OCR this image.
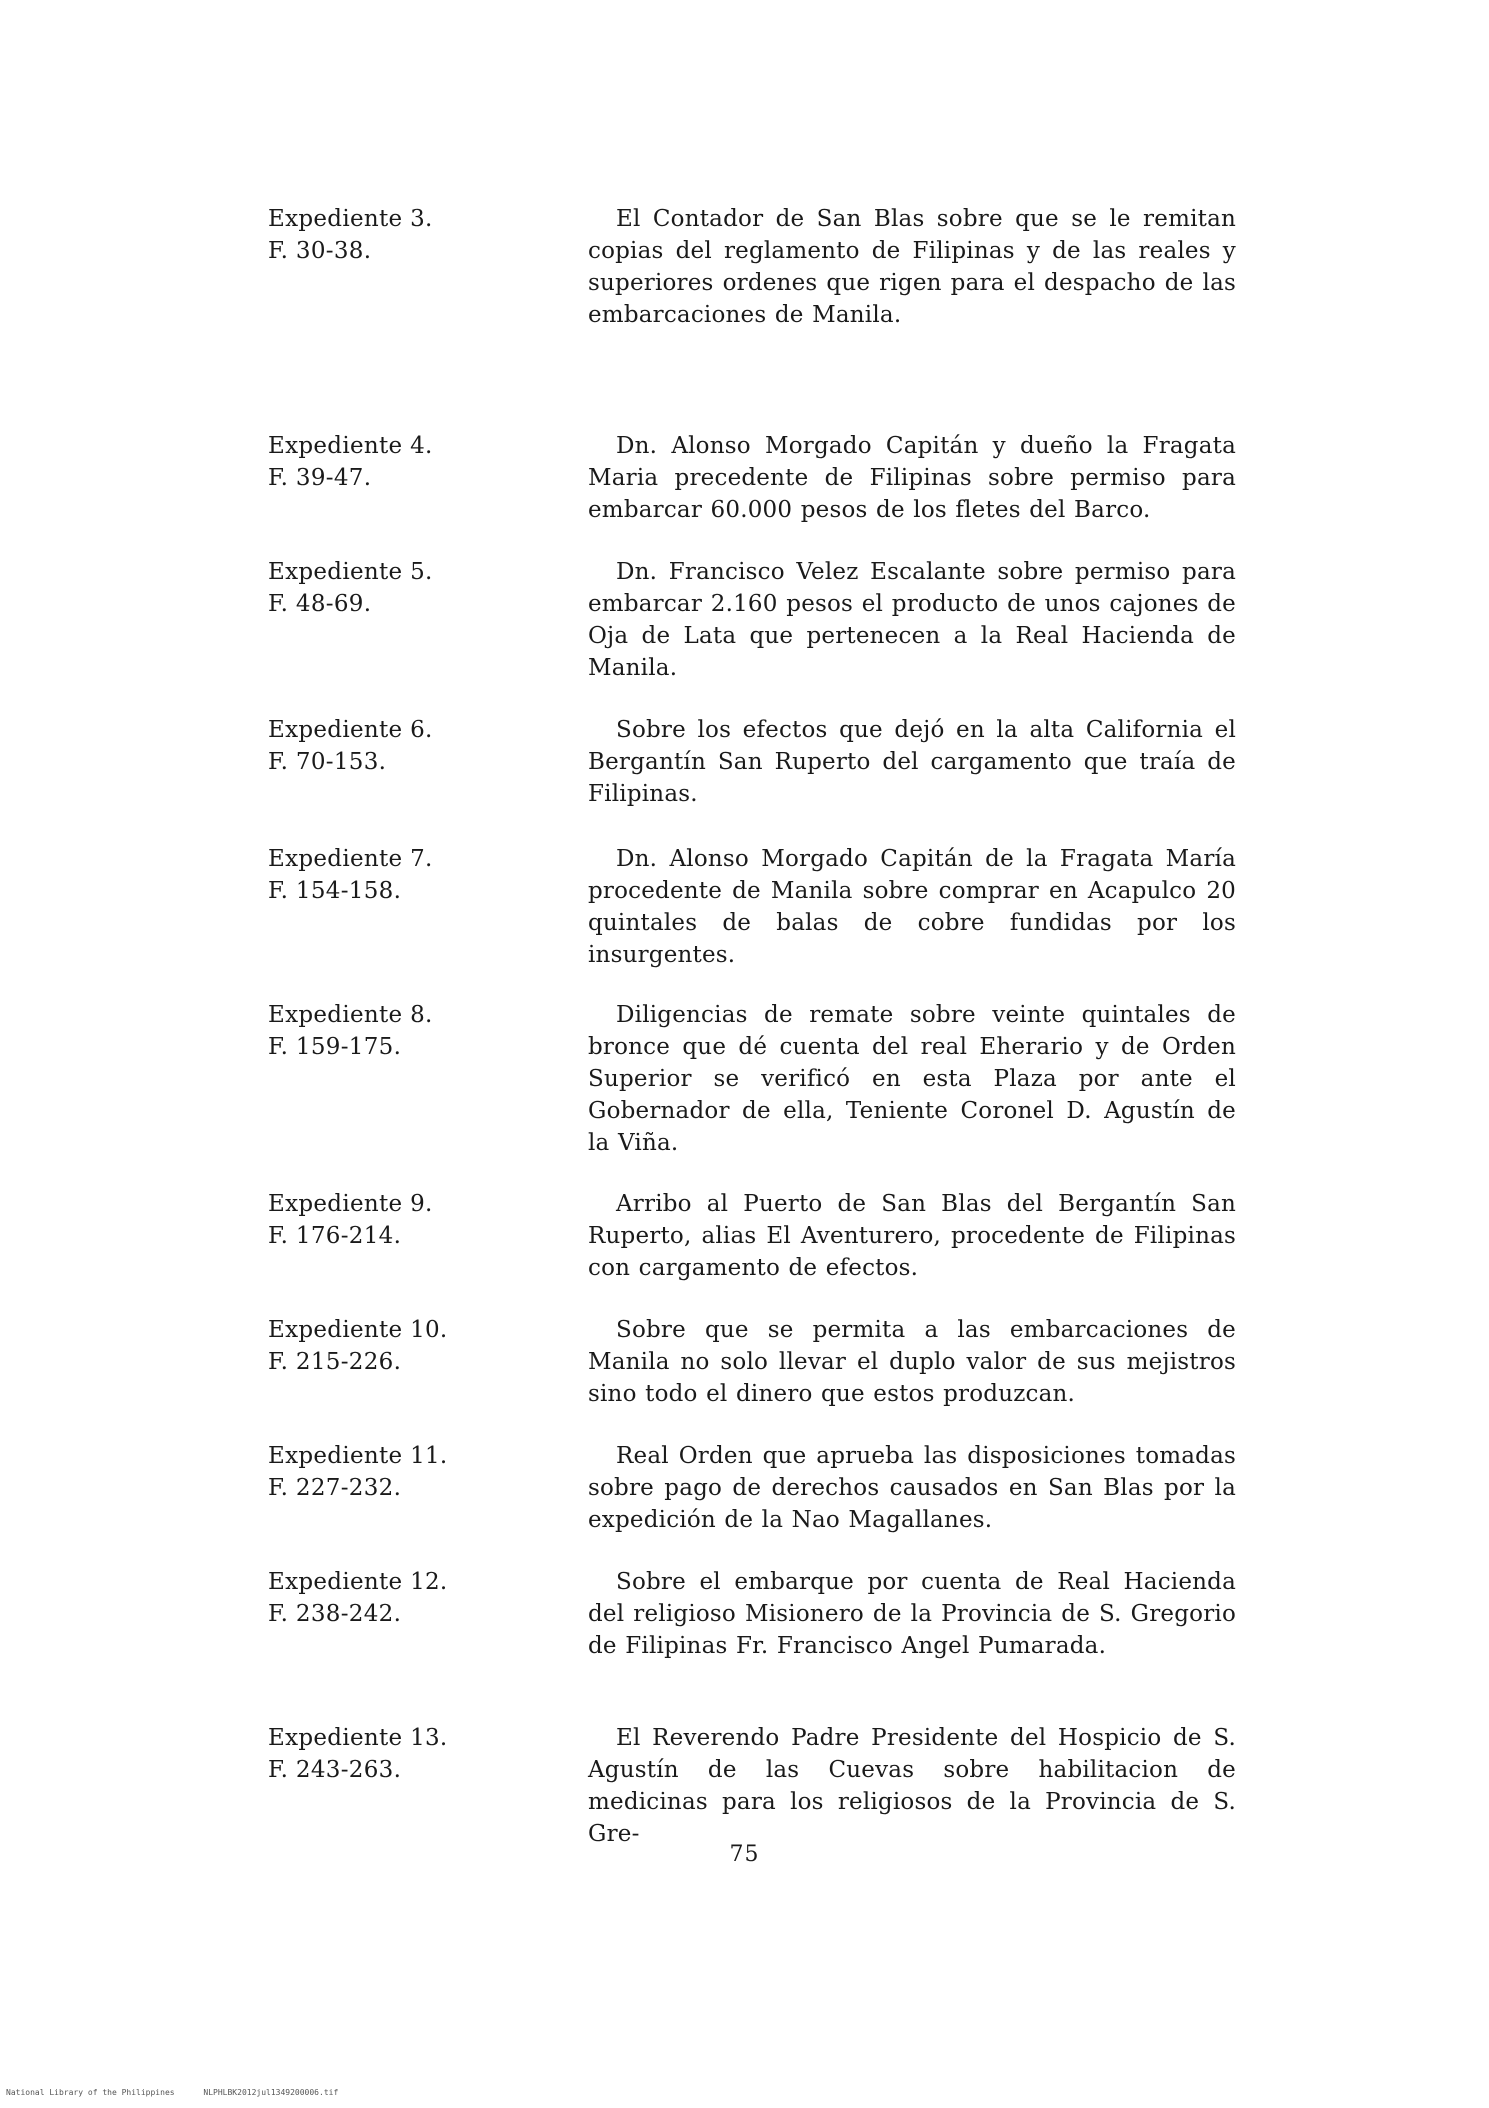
Expediente 3.
F. 30-38.
El Contador de San Blas sobre que se le remitan copias del reglamento de Filipinas y de las reales y superiores ordenes que rigen para el despacho de las embarcaciones de Manila.
Expediente 4.
F. 39-47.
Dn. Alonso Morgado Capitán y dueño la Fragata Maria precedente de Filipinas sobre permiso para embarcar 60.000 pesos de los fletes del Barco.
Expediente 5.
F. 48-69.
Dn. Francisco Velez Escalante sobre permiso para embarcar 2.160 pesos el producto de unos cajones de Oja de Lata que pertenecen a la Real Hacienda de Manila.
Expediente 6.
F. 70-153.
Sobre los efectos que dejó en la alta California el Bergantín San Ruperto del cargamento que traía de Filipinas.
Expediente 7.
F. 154-158.
Dn. Alonso Morgado Capitán de la Fragata María procedente de Manila sobre comprar en Acapulco 20 quintales de balas de cobre fundidas por los insurgentes.
Expediente 8.
F. 159-175.
Diligencias de remate sobre veinte quintales de bronce que dé cuenta del real Eherario y de Orden Superior se verificó en esta Plaza por ante el Gobernador de ella, Teniente Coronel D. Agustín de la Viña.
Expediente 9.
F. 176-214.
Arribo al Puerto de San Blas del Bergantín San Ruperto, alias El Aventurero, procedente de Filipinas con cargamento de efectos.
Expediente 10.
F. 215-226.
Sobre que se permita a las embarcaciones de Manila no solo llevar el duplo valor de sus mejistros sino todo el dinero que estos produzcan.
Expediente 11.
F. 227-232.
Real Orden que aprueba las disposiciones tomadas sobre pago de derechos causados en San Blas por la expedición de la Nao Magallanes.
Expediente 12.
F. 238-242.
Sobre el embarque por cuenta de Real Hacienda del religioso Misionero de la Provincia de S. Gregorio de Filipinas Fr. Francisco Angel Pumarada.
Expediente 13.
F. 243-263.
El Reverendo Padre Presidente del Hospicio de S. Agustín de las Cuevas sobre habilitacion de medicinas para los religiosos de la Provincia de S. Gre-
75
National Library of the Philippines	NLPHLBK2012jul1349200006.tif
